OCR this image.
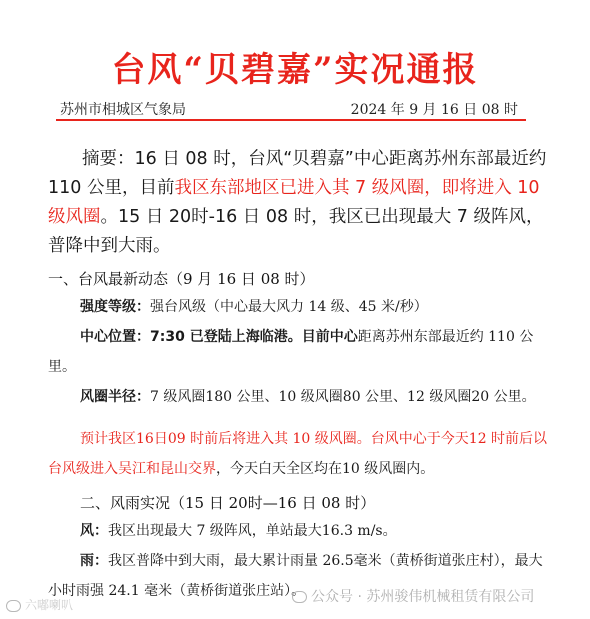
台风“贝碧嘉”实况通报
苏州市相城区气象局	2024 年 9 月 16 日 08 时
摘要：16 日 08 时，台风“贝碧嘉”中心距离苏州东部最近约 110 公里，目前我区东部地区已进入其 7 级风圈，即将进入 10 级风圈。15 日 20时-16 日 08 时，我区已出现最大 7 级阵风，普降中到大雨。
一、台风最新动态（9 月 16 日 08 时）
强度等级：强台风级（中心最大风力 14 级、45 米/秒）
中心位置：7:30 已登陆上海临港。目前中心距离苏州东部最近约 110 公里。
风圈半径：7 级风圈180 公里、10 级风圈80 公里、12 级风圈20 公里。
预计我区16日09 时前后将进入其 10 级风圈。台风中心于今天12 时前后以台风级进入吴江和昆山交界，今天白天全区均在10 级风圈内。
二、风雨实况（15 日 20时—16 日 08 时）
风：我区出现最大 7 级阵风，单站最大16.3 m/s。
雨：我区普降中到大雨，最大累计雨量 26.5毫米（黄桥街道张庄村），最大小时雨强 24.1 毫米（黄桥街道张庄站）。
六嘟喇叭	公众号 · 苏州骏伟机械租赁有限公司
